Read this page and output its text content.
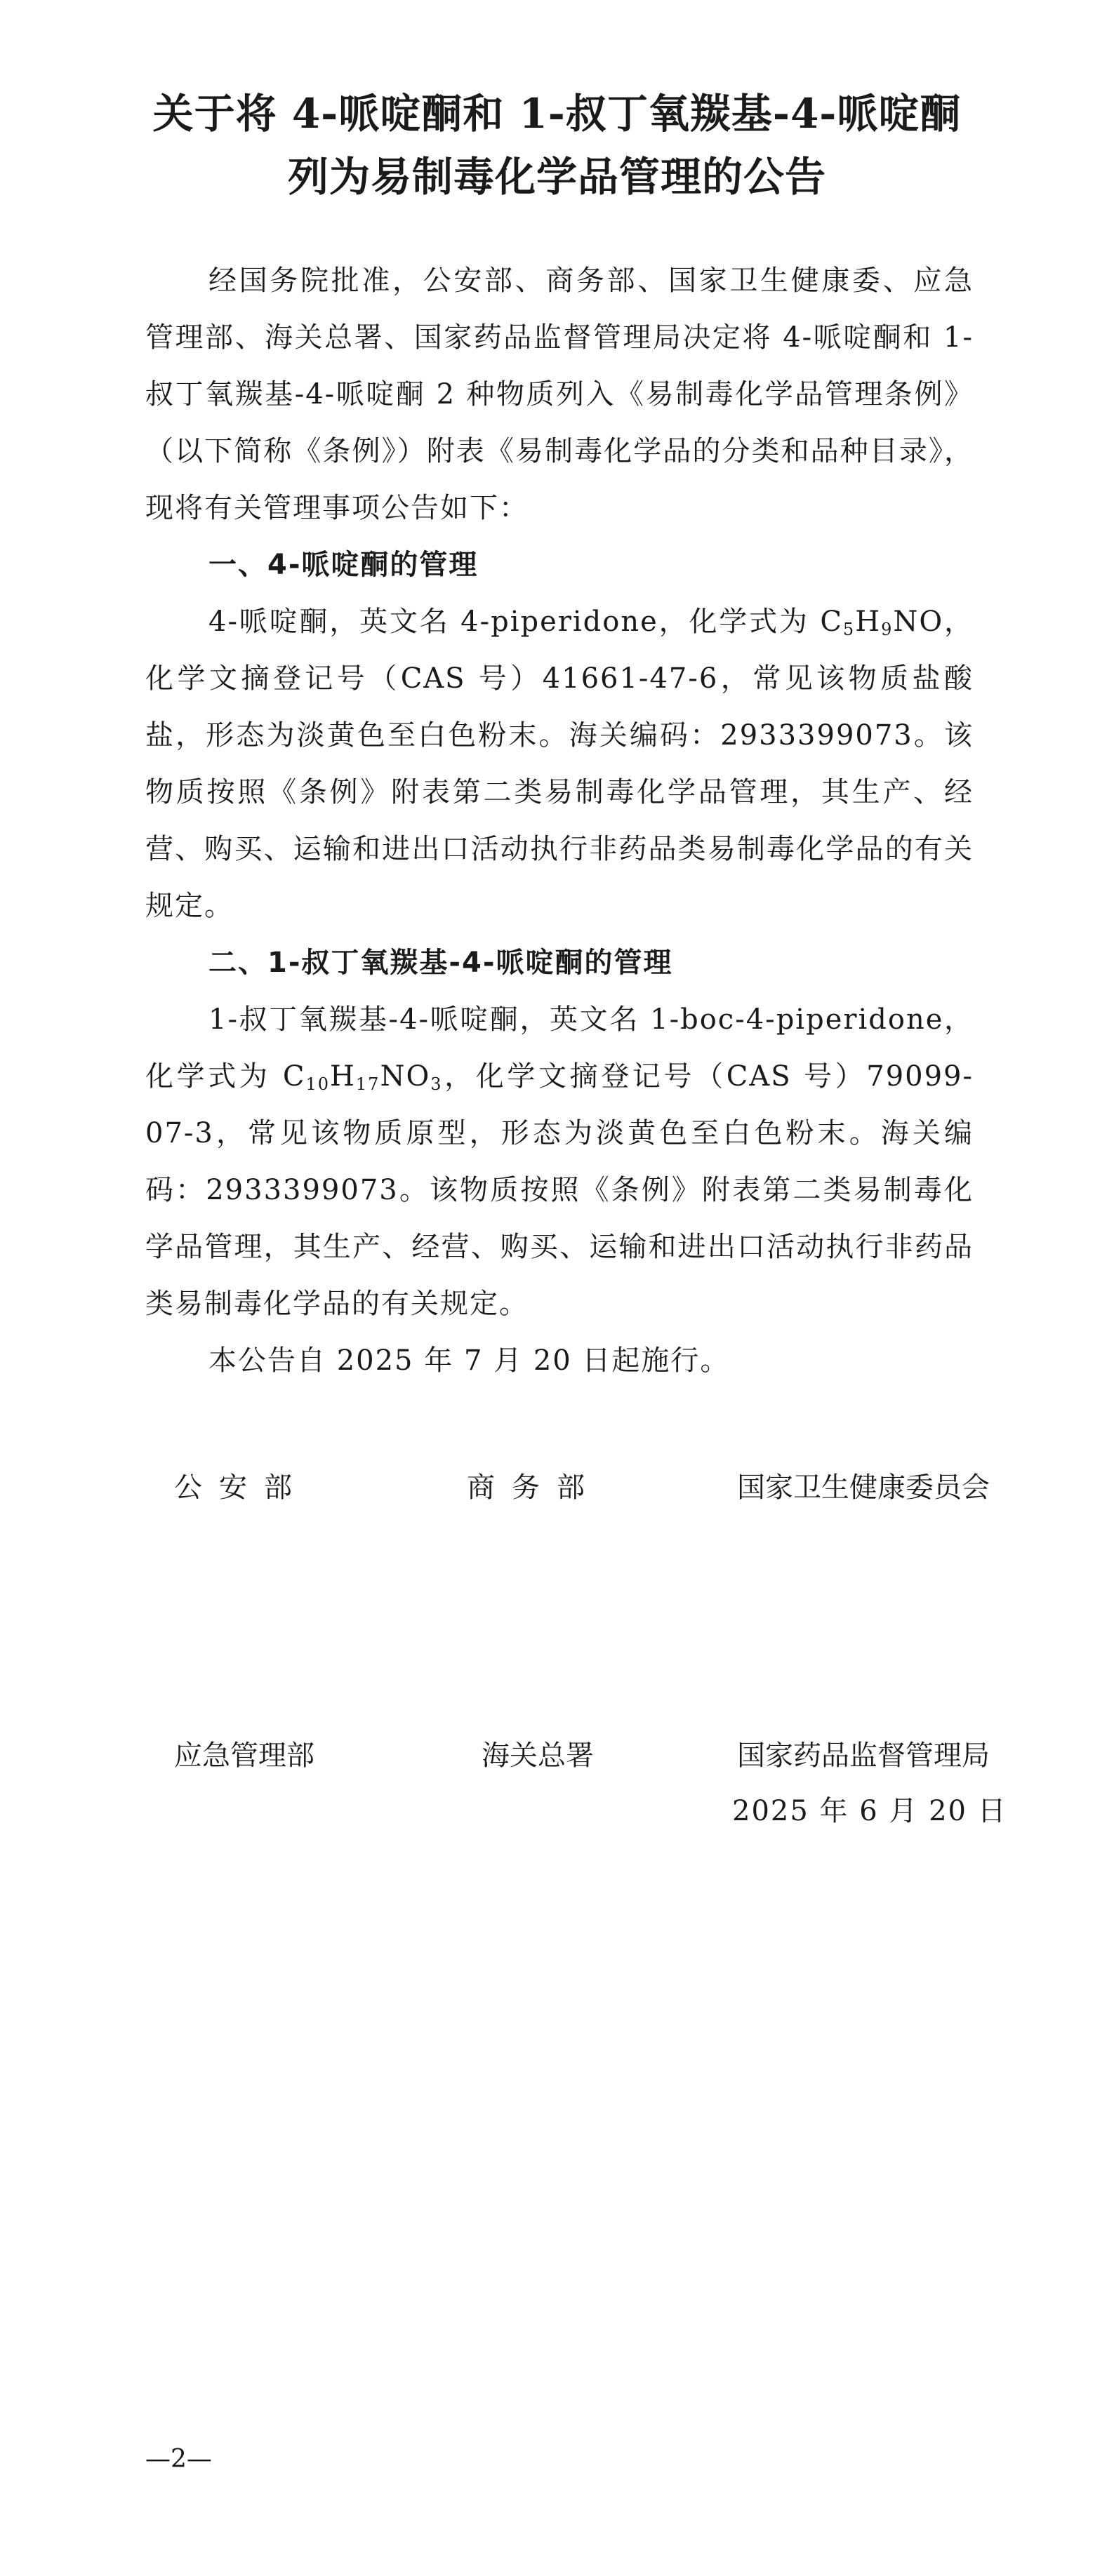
关于将 4-哌啶酮和 1-叔丁氧羰基-4-哌啶酮
列为易制毒化学品管理的公告

经国务院批准，公安部、商务部、国家卫生健康委、应急管理部、海关总署、国家药品监督管理局决定将 4-哌啶酮和 1-叔丁氧羰基-4-哌啶酮 2 种物质列入《易制毒化学品管理条例》（以下简称《条例》）附表《易制毒化学品的分类和品种目录》，现将有关管理事项公告如下：

一、4-哌啶酮的管理

4-哌啶酮，英文名 4-piperidone，化学式为 $C_5H_9NO$，化学文摘登记号（CAS 号）41661-47-6，常见该物质盐酸盐，形态为淡黄色至白色粉末。海关编码：2933399073。该物质按照《条例》附表第二类易制毒化学品管理，其生产、经营、购买、运输和进出口活动执行非药品类易制毒化学品的有关规定。

二、1-叔丁氧羰基-4-哌啶酮的管理

1-叔丁氧羰基-4-哌啶酮，英文名 1-boc-4-piperidone，化学式为 $C_{10}H_{17}NO_3$，化学文摘登记号（CAS 号）79099-07-3，常见该物质原型，形态为淡黄色至白色粉末。海关编码：2933399073。该物质按照《条例》附表第二类易制毒化学品管理，其生产、经营、购买、运输和进出口活动执行非药品类易制毒化学品的有关规定。

本公告自 2025 年 7 月 20 日起施行。

公安部	商务部	国家卫生健康委员会
应急管理部	海关总署	国家药品监督管理局
2025 年 6 月 20 日
—2—
